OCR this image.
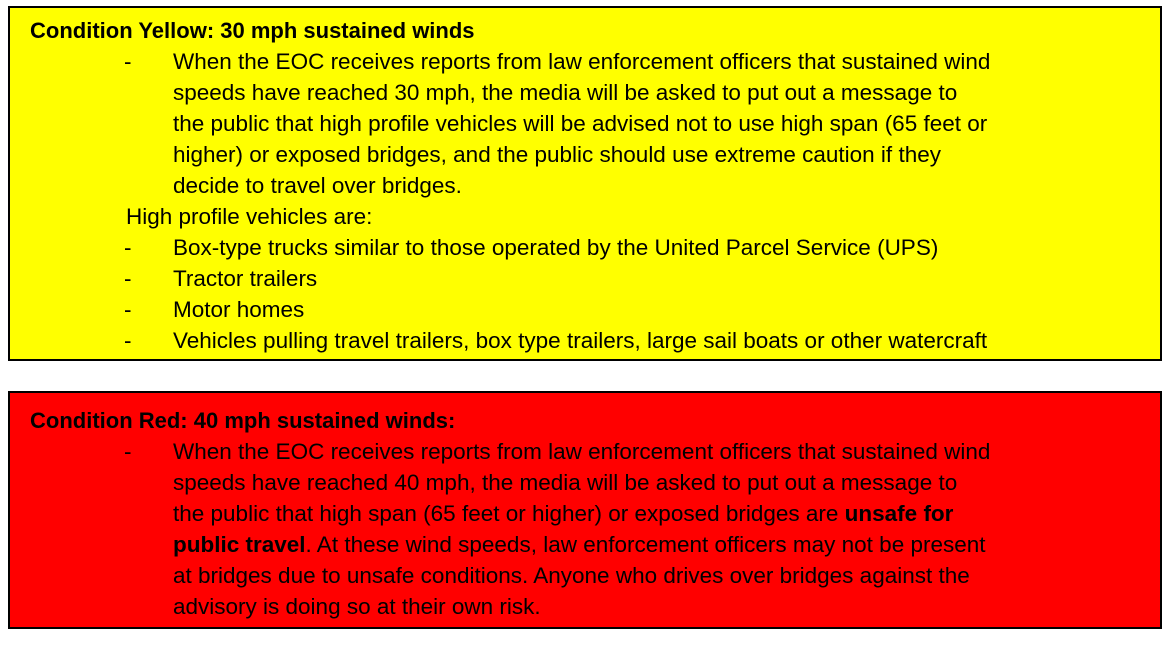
Condition Yellow: 30 mph sustained winds
- When the EOC receives reports from law enforcement officers that sustained wind
speeds have reached 30 mph, the media will be asked to put out a message to
the public that high profile vehicles will be advised not to use high span (65 feet or
higher) or exposed bridges, and the public should use extreme caution if they
decide to travel over bridges.
High profile vehicles are:
- Box-type trucks similar to those operated by the United Parcel Service (UPS)
- Tractor trailers
- Motor homes
- Vehicles pulling travel trailers, box type trailers, large sail boats or other watercraft
Condition Red: 40 mph sustained winds:
- When the EOC receives reports from law enforcement officers that sustained wind
speeds have reached 40 mph, the media will be asked to put out a message to
the public that high span (65 feet or higher) or exposed bridges are unsafe for
public travel. At these wind speeds, law enforcement officers may not be present
at bridges due to unsafe conditions. Anyone who drives over bridges against the
advisory is doing so at their own risk.
